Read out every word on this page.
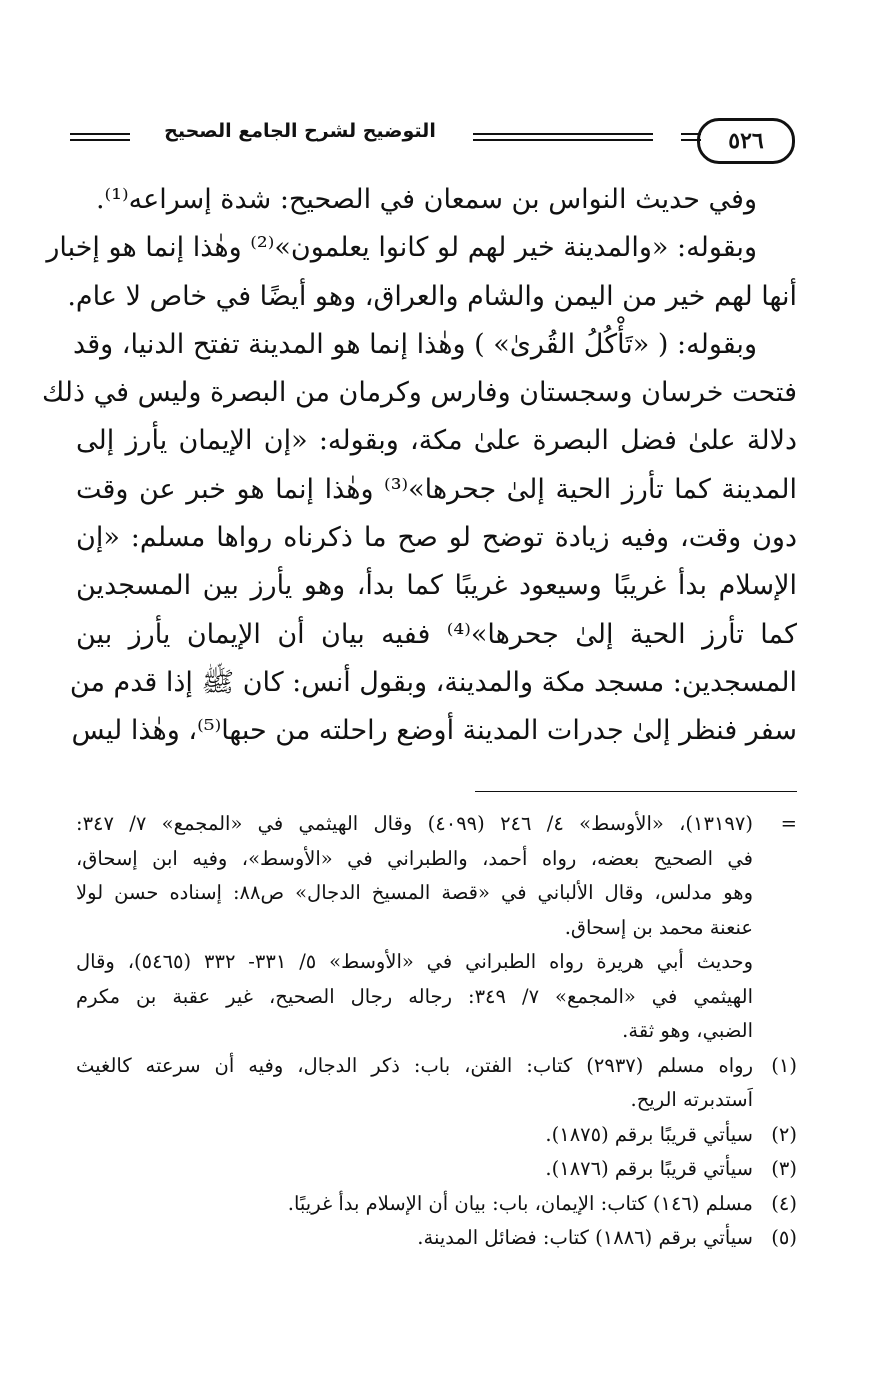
٥٢٦
التوضيح لشرح الجامع الصحيح
وفي حديث النواس بن سمعان في الصحيح: شدة إسراعه⁽¹⁾.
وبقوله: «والمدينة خير لهم لو كانوا يعلمون»⁽²⁾ وهٰذا إنما هو إخبار
أنها لهم خير من اليمن والشام والعراق، وهو أيضًا في خاص لا عام.
وبقوله: ( «تَأْكُلُ القُرىٰ» ) وهٰذا إنما هو المدينة تفتح الدنيا، وقد
فتحت خرسان وسجستان وفارس وكرمان من البصرة وليس في ذلك
دلالة علىٰ فضل البصرة علىٰ مكة، وبقوله: «إن الإيمان يأرز إلى
المدينة كما تأرز الحية إلىٰ جحرها»⁽³⁾ وهٰذا إنما هو خبر عن وقت
دون وقت، وفيه زيادة توضح لو صح ما ذكرناه رواها مسلم: «إن
الإسلام بدأ غريبًا وسيعود غريبًا كما بدأ، وهو يأرز بين المسجدين
كما تأرز الحية إلىٰ جحرها»⁽⁴⁾ ففيه بيان أن الإيمان يأرز بين
المسجدين: مسجد مكة والمدينة، وبقول أنس: كان ﷺ إذا قدم من
سفر فنظر إلىٰ جدرات المدينة أوضع راحلته من حبها⁽⁵⁾، وهٰذا ليس
=
(١٣١٩٧)، «الأوسط» ٤/ ٢٤٦ (٤٠٩٩) وقال الهيثمي في «المجمع» ٧/ ٣٤٧:
في الصحيح بعضه، رواه أحمد، والطبراني في «الأوسط»، وفيه ابن إسحاق،
وهو مدلس، وقال الألباني في «قصة المسيخ الدجال» ص٨٨: إسناده حسن لولا
عنعنة محمد بن إسحاق.
وحديث أبي هريرة رواه الطبراني في «الأوسط» ٥/ ٣٣١- ٣٣٢ (٥٤٦٥)، وقال
الهيثمي في «المجمع» ٧/ ٣٤٩: رجاله رجال الصحيح، غير عقبة بن مكرم
الضبي، وهو ثقة.
(١)
رواه مسلم (٢٩٣٧) كتاب: الفتن، باب: ذكر الدجال، وفيه أن سرعته كالغيث
اَستدبرته الريح.
(٢)
سيأتي قريبًا برقم (١٨٧٥).
(٣)
سيأتي قريبًا برقم (١٨٧٦).
(٤)
مسلم (١٤٦) كتاب: الإيمان، باب: بيان أن الإسلام بدأ غريبًا.
(٥)
سيأتي برقم (١٨٨٦) كتاب: فضائل المدينة.
